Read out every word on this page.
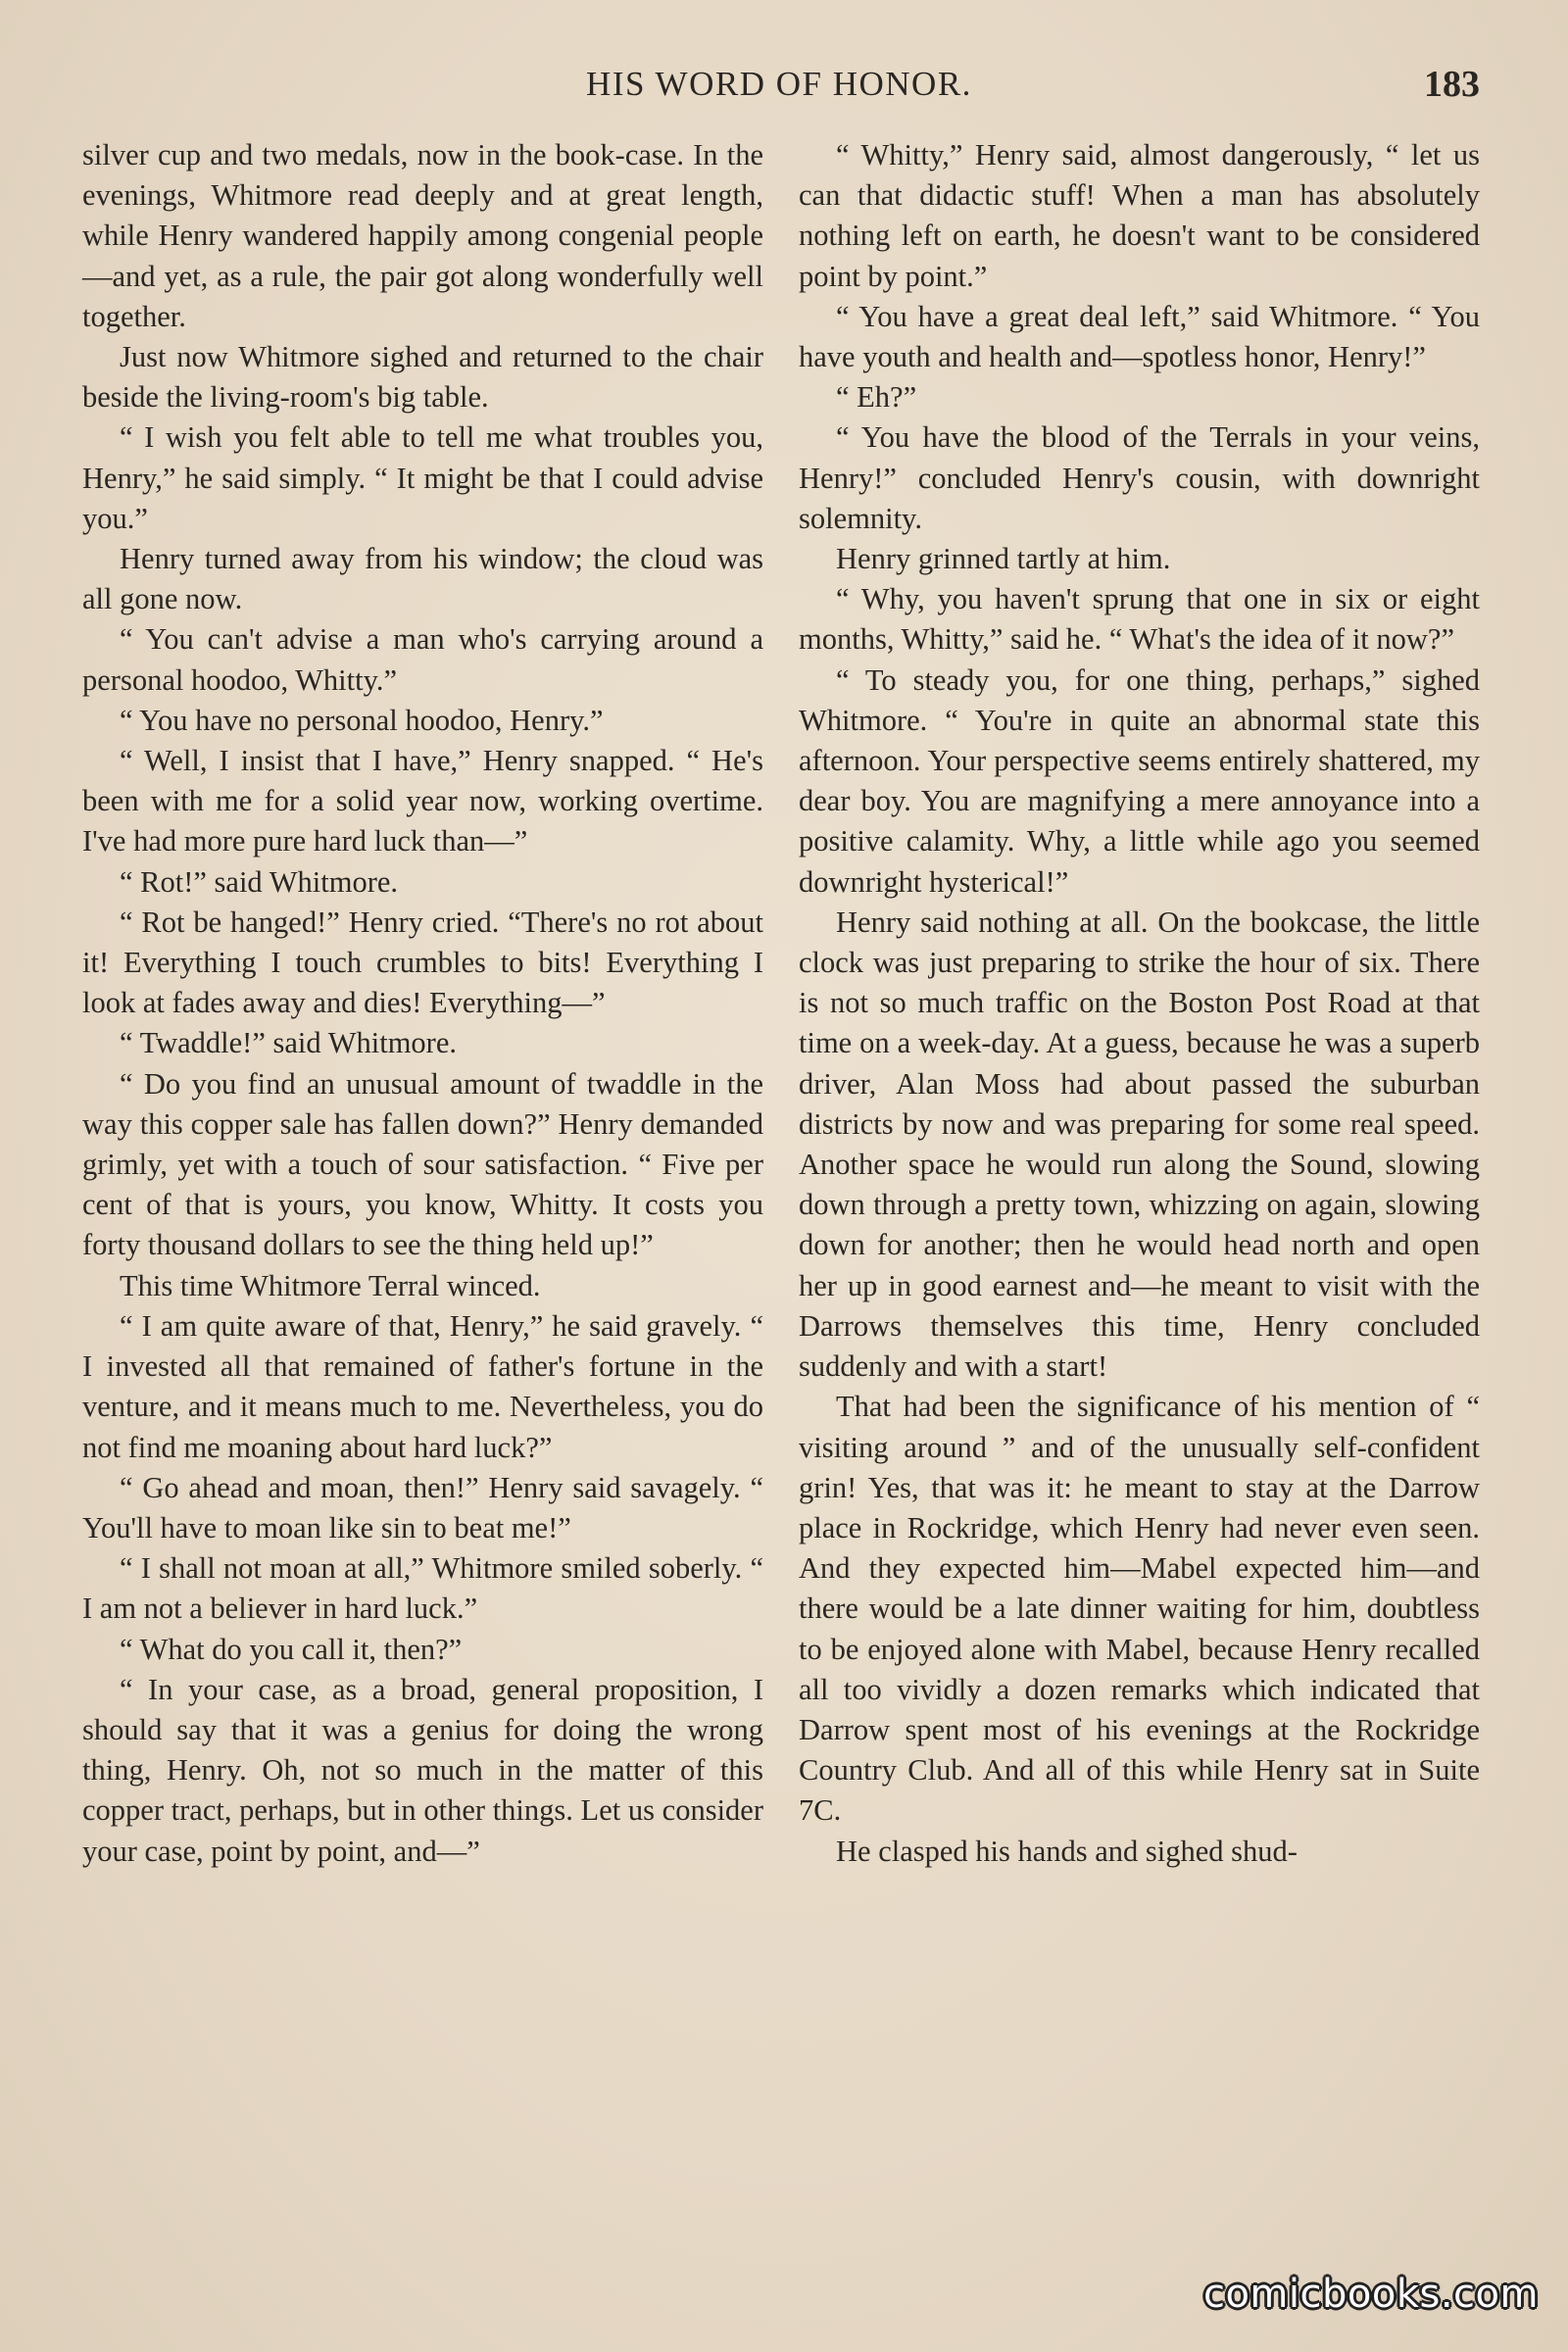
HIS WORD OF HONOR.	183

silver cup and two medals, now in the book-case. In the evenings, Whitmore read deeply and at great length, while Henry wandered happily among congenial people —and yet, as a rule, the pair got along wonderfully well together.

Just now Whitmore sighed and returned to the chair beside the living-room's big table.

“ I wish you felt able to tell me what troubles you, Henry,” he said simply. “ It might be that I could advise you.”

Henry turned away from his window; the cloud was all gone now.

“ You can't advise a man who's carrying around a personal hoodoo, Whitty.”

“ You have no personal hoodoo, Henry.”

“ Well, I insist that I have,” Henry snapped. “ He's been with me for a solid year now, working overtime. I've had more pure hard luck than—”

“ Rot!” said Whitmore.

“ Rot be hanged!” Henry cried. “There's no rot about it! Everything I touch crumbles to bits! Everything I look at fades away and dies! Everything—”

“ Twaddle!” said Whitmore.

“ Do you find an unusual amount of twaddle in the way this copper sale has fallen down?” Henry demanded grimly, yet with a touch of sour satisfaction. “ Five per cent of that is yours, you know, Whitty. It costs you forty thousand dollars to see the thing held up!”

This time Whitmore Terral winced.

“ I am quite aware of that, Henry,” he said gravely. “ I invested all that remained of father's fortune in the venture, and it means much to me. Nevertheless, you do not find me moaning about hard luck?”

“ Go ahead and moan, then!” Henry said savagely. “ You'll have to moan like sin to beat me!”

“ I shall not moan at all,” Whitmore smiled soberly. “ I am not a believer in hard luck.”

“ What do you call it, then?”

“ In your case, as a broad, general proposition, I should say that it was a genius for doing the wrong thing, Henry. Oh, not so much in the matter of this copper tract, perhaps, but in other things. Let us consider your case, point by point, and—”

“ Whitty,” Henry said, almost dangerously, “ let us can that didactic stuff! When a man has absolutely nothing left on earth, he doesn't want to be considered point by point.”

“ You have a great deal left,” said Whitmore. “ You have youth and health and—spotless honor, Henry!”

“ Eh?”

“ You have the blood of the Terrals in your veins, Henry!” concluded Henry's cousin, with downright solemnity.

Henry grinned tartly at him.

“ Why, you haven't sprung that one in six or eight months, Whitty,” said he. “ What's the idea of it now?”

“ To steady you, for one thing, perhaps,” sighed Whitmore. “ You're in quite an abnormal state this afternoon. Your perspective seems entirely shattered, my dear boy. You are magnifying a mere annoyance into a positive calamity. Why, a little while ago you seemed downright hysterical!”

Henry said nothing at all. On the bookcase, the little clock was just preparing to strike the hour of six. There is not so much traffic on the Boston Post Road at that time on a week-day. At a guess, because he was a superb driver, Alan Moss had about passed the suburban districts by now and was preparing for some real speed. Another space he would run along the Sound, slowing down through a pretty town, whizzing on again, slowing down for another; then he would head north and open her up in good earnest and—he meant to visit with the Darrows themselves this time, Henry concluded suddenly and with a start!

That had been the significance of his mention of “ visiting around ” and of the unusually self-confident grin! Yes, that was it: he meant to stay at the Darrow place in Rockridge, which Henry had never even seen. And they expected him—Mabel expected him—and there would be a late dinner waiting for him, doubtless to be enjoyed alone with Mabel, because Henry recalled all too vividly a dozen remarks which indicated that Darrow spent most of his evenings at the Rockridge Country Club. And all of this while Henry sat in Suite 7C.

He clasped his hands and sighed shud-

comicbooks.com
